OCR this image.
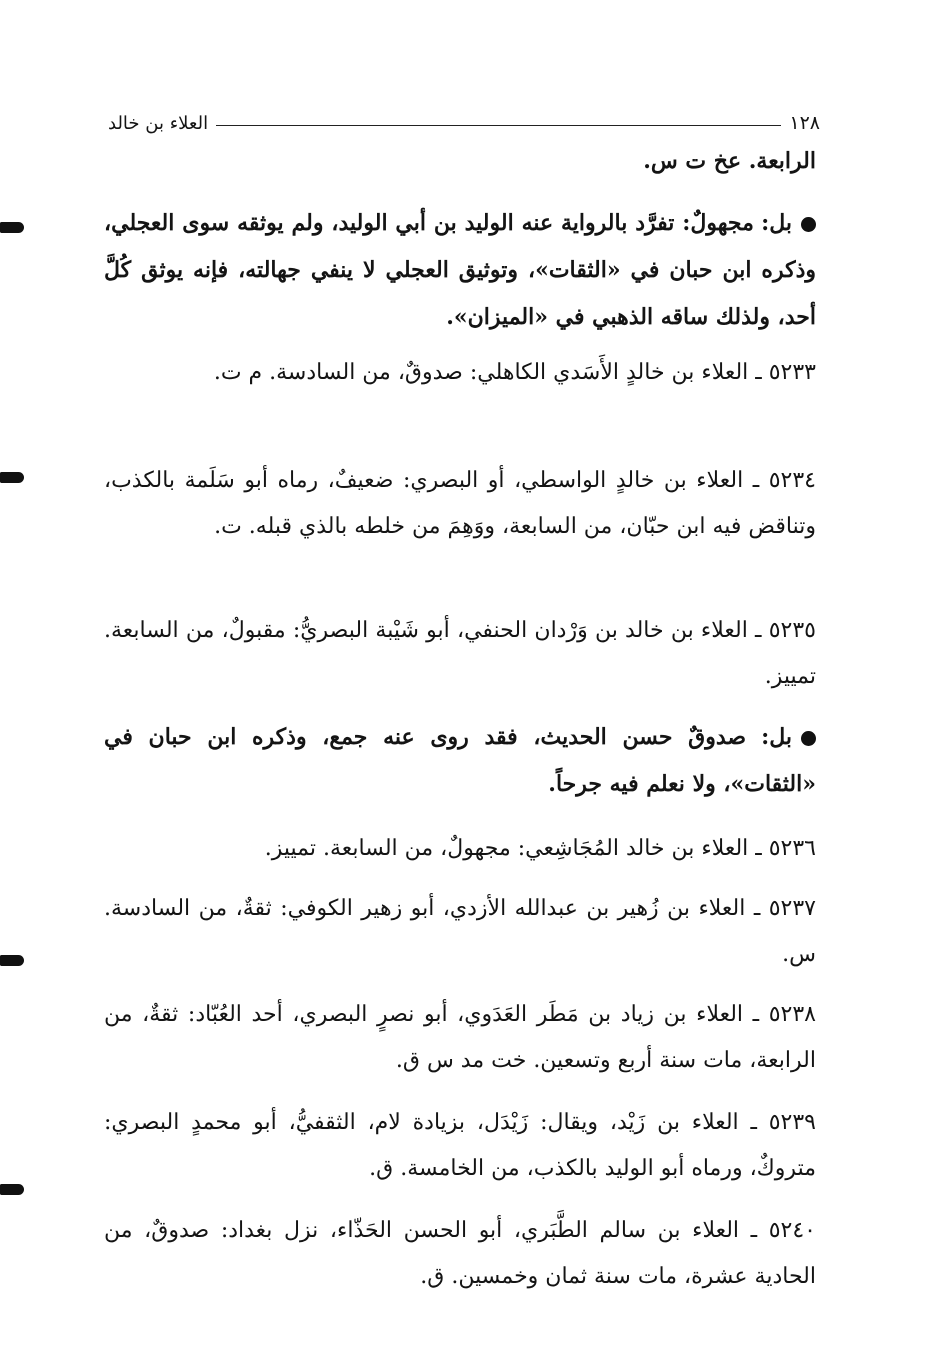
١٢٨
العلاء بن خالد

الرابعة. عخ ت س.

بل: مجهولٌ: تفرَّد بالرواية عنه الوليد بن أبي الوليد، ولم يوثقه سوى العجلي، وذكره ابن حبان في «الثقات»، وتوثيق العجلي لا ينفي جهالته، فإنه يوثق كُلَّ أحد، ولذلك ساقه الذهبي في «الميزان».

٥٢٣٣ ـ العلاء بن خالدٍ الأَسَدي الكاهلي: صدوقٌ، من السادسة. م ت.

٥٢٣٤ ـ العلاء بن خالدٍ الواسطي، أو البصري: ضعيفٌ، رماه أبو سَلَمة بالكذب، وتناقض فيه ابن حبّان، من السابعة، ووَهِمَ من خلطه بالذي قبله. ت.

٥٢٣٥ ـ العلاء بن خالد بن وَرْدان الحنفي، أبو شَيْبة البصريُّ: مقبولٌ، من السابعة. تمييز.

بل: صدوقٌ حسن الحديث، فقد روى عنه جمع، وذكره ابن حبان في «الثقات»، ولا نعلم فيه جرحاً.

٥٢٣٦ ـ العلاء بن خالد المُجَاشِعي: مجهولٌ، من السابعة. تمييز.

٥٢٣٧ ـ العلاء بن زُهير بن عبدالله الأزدي، أبو زهير الكوفي: ثقةٌ، من السادسة. س.

٥٢٣٨ ـ العلاء بن زياد بن مَطَر العَدَوي، أبو نصرٍ البصري، أحد العُبّاد: ثقةٌ، من الرابعة، مات سنة أربع وتسعين. خت مد س ق.

٥٢٣٩ ـ العلاء بن زَيْد، ويقال: زَيْدَل، بزيادة لام، الثقفيُّ، أبو محمدٍ البصري: متروكٌ، ورماه أبو الوليد بالكذب، من الخامسة. ق.

٥٢٤٠ ـ العلاء بن سالم الطَّبَري، أبو الحسن الحَذّاء، نزل بغداد: صدوقٌ، من الحادية عشرة، مات سنة ثمان وخمسين. ق.
